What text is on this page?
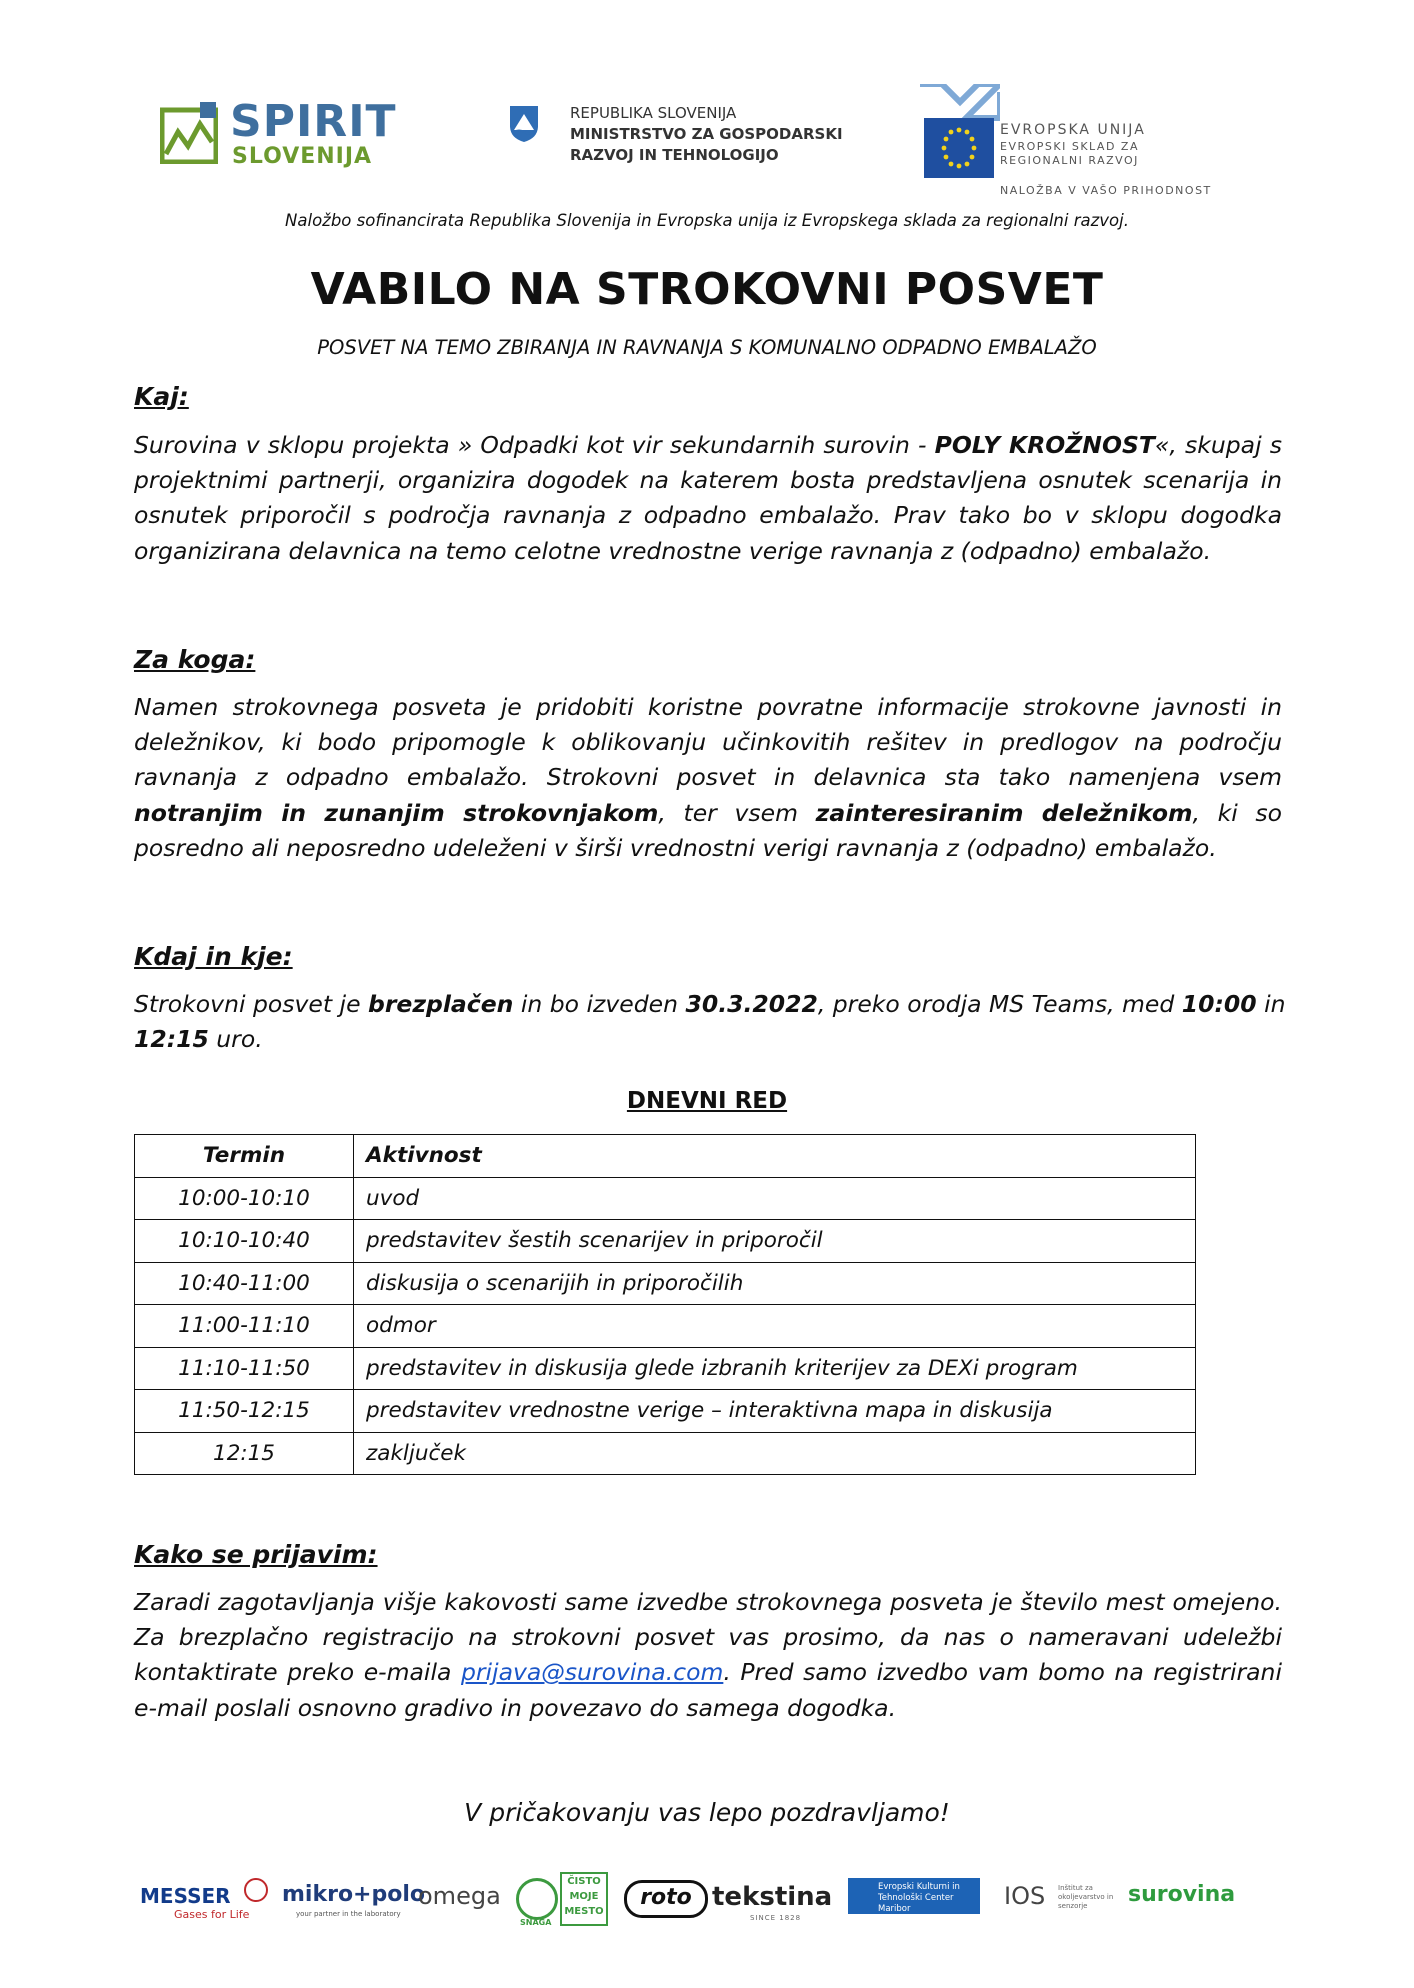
SPIRIT
SLOVENIJA
REPUBLIKA SLOVENIJA
MINISTRSTVO ZA GOSPODARSKI
RAZVOJ IN TEHNOLOGIJO
EVROPSKA UNIJA
EVROPSKI SKLAD ZA
REGIONALNI RAZVOJ
NALOŽBA V VAŠO PRIHODNOST
Naložbo sofinancirata Republika Slovenija in Evropska unija iz Evropskega sklada za regionalni razvoj.
VABILO NA STROKOVNI POSVET
POSVET NA TEMO ZBIRANJA IN RAVNANJA S KOMUNALNO ODPADNO EMBALAŽO
Kaj:

Surovina v sklopu projekta » Odpadki kot vir sekundarnih surovin - POLY KROŽNOST«, skupaj s projektnimi partnerji, organizira dogodek na katerem bosta predstavljena osnutek scenarija in osnutek priporočil s področja ravnanja z odpadno embalažo. Prav tako bo v sklopu dogodka organizirana delavnica na temo celotne vrednostne verige ravnanja z (odpadno) embalažo.

Za koga:

Namen strokovnega posveta je pridobiti koristne povratne informacije strokovne javnosti in deležnikov, ki bodo pripomogle k oblikovanju učinkovitih rešitev in predlogov na področju ravnanja z odpadno embalažo. Strokovni posvet in delavnica sta tako namenjena vsem notranjim in zunanjim strokovnjakom, ter vsem zainteresiranim deležnikom, ki so posredno ali neposredno udeleženi v širši vrednostni verigi ravnanja z (odpadno) embalažo.

Kdaj in kje:

Strokovni posvet je brezplačen in bo izveden 30.3.2022, preko orodja MS Teams, med 10:00 in 12:15 uro.

DNEVNI RED
Termin	Aktivnost
10:00-10:10	uvod
10:10-10:40	predstavitev šestih scenarijev in priporočil
10:40-11:00	diskusija o scenarijih in priporočilih
11:00-11:10	odmor
11:10-11:50	predstavitev in diskusija glede izbranih kriterijev za DEXi program
11:50-12:15	predstavitev vrednostne verige – interaktivna mapa in diskusija
12:15	zaključek
Kako se prijavim:

Zaradi zagotavljanja višje kakovosti same izvedbe strokovnega posveta je število mest omejeno. Za brezplačno registracijo na strokovni posvet vas prosimo, da nas o nameravani udeležbi kontaktirate preko e-maila prijava@surovina.com. Pred samo izvedbo vam bomo na registrirani e-mail poslali osnovno gradivo in povezavo do samega dogodka.

V pričakovanju vas lepo pozdravljamo!
MESSER
Gases for Life
mikro+polo
your partner in the laboratory
omega
SNAGA
ČISTO MOJE MESTO
roto tekstina
SINCE 1828
Evropski Kulturni in Tehnološki Center Maribor	IOS Inštitut za okoljevarstvo in senzorje	surovina
